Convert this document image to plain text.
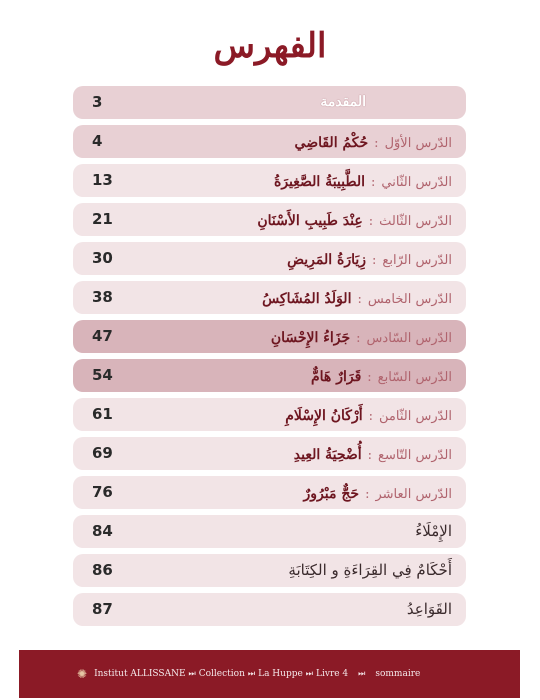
الفهرس
3	المقدمة
4	الدّرس الأوّل:حُكْمُ القَاضِي
13	الدّرس الثّاني:الطَّبِيبَةُ الصَّغِيرَةُ
21	الدّرس الثّالث:عِنْدَ طَبِيبِ الأَسْنَانِ
30	الدّرس الرّابع:زِيَارَةُ المَرِيضِ
38	الدّرس الخامس:الوَلَدُ المُشَاكِسُ
47	الدّرس السّادس:جَزَاءُ الإِحْسَانِ
54	الدّرس السّابع:قَرَارٌ هَامٌّ
61	الدّرس الثّامن:أَرْكَانُ الإِسْلَامِ
69	الدّرس التّاسع:أُضْحِيَةُ العِيدِ
76	الدّرس العاشر:حَجٌّ مَبْرُورٌ
84	الإِمْلَاءُ
86	أَحْكَامٌ فِي القِرَاءَةِ و الكِتَابَةِ
87	القَوَاعِدُ
✺ Institut ALLISSANE ⏭ Collection ⏭ La Huppe ⏭ Livre 4 ⏭ sommaire
